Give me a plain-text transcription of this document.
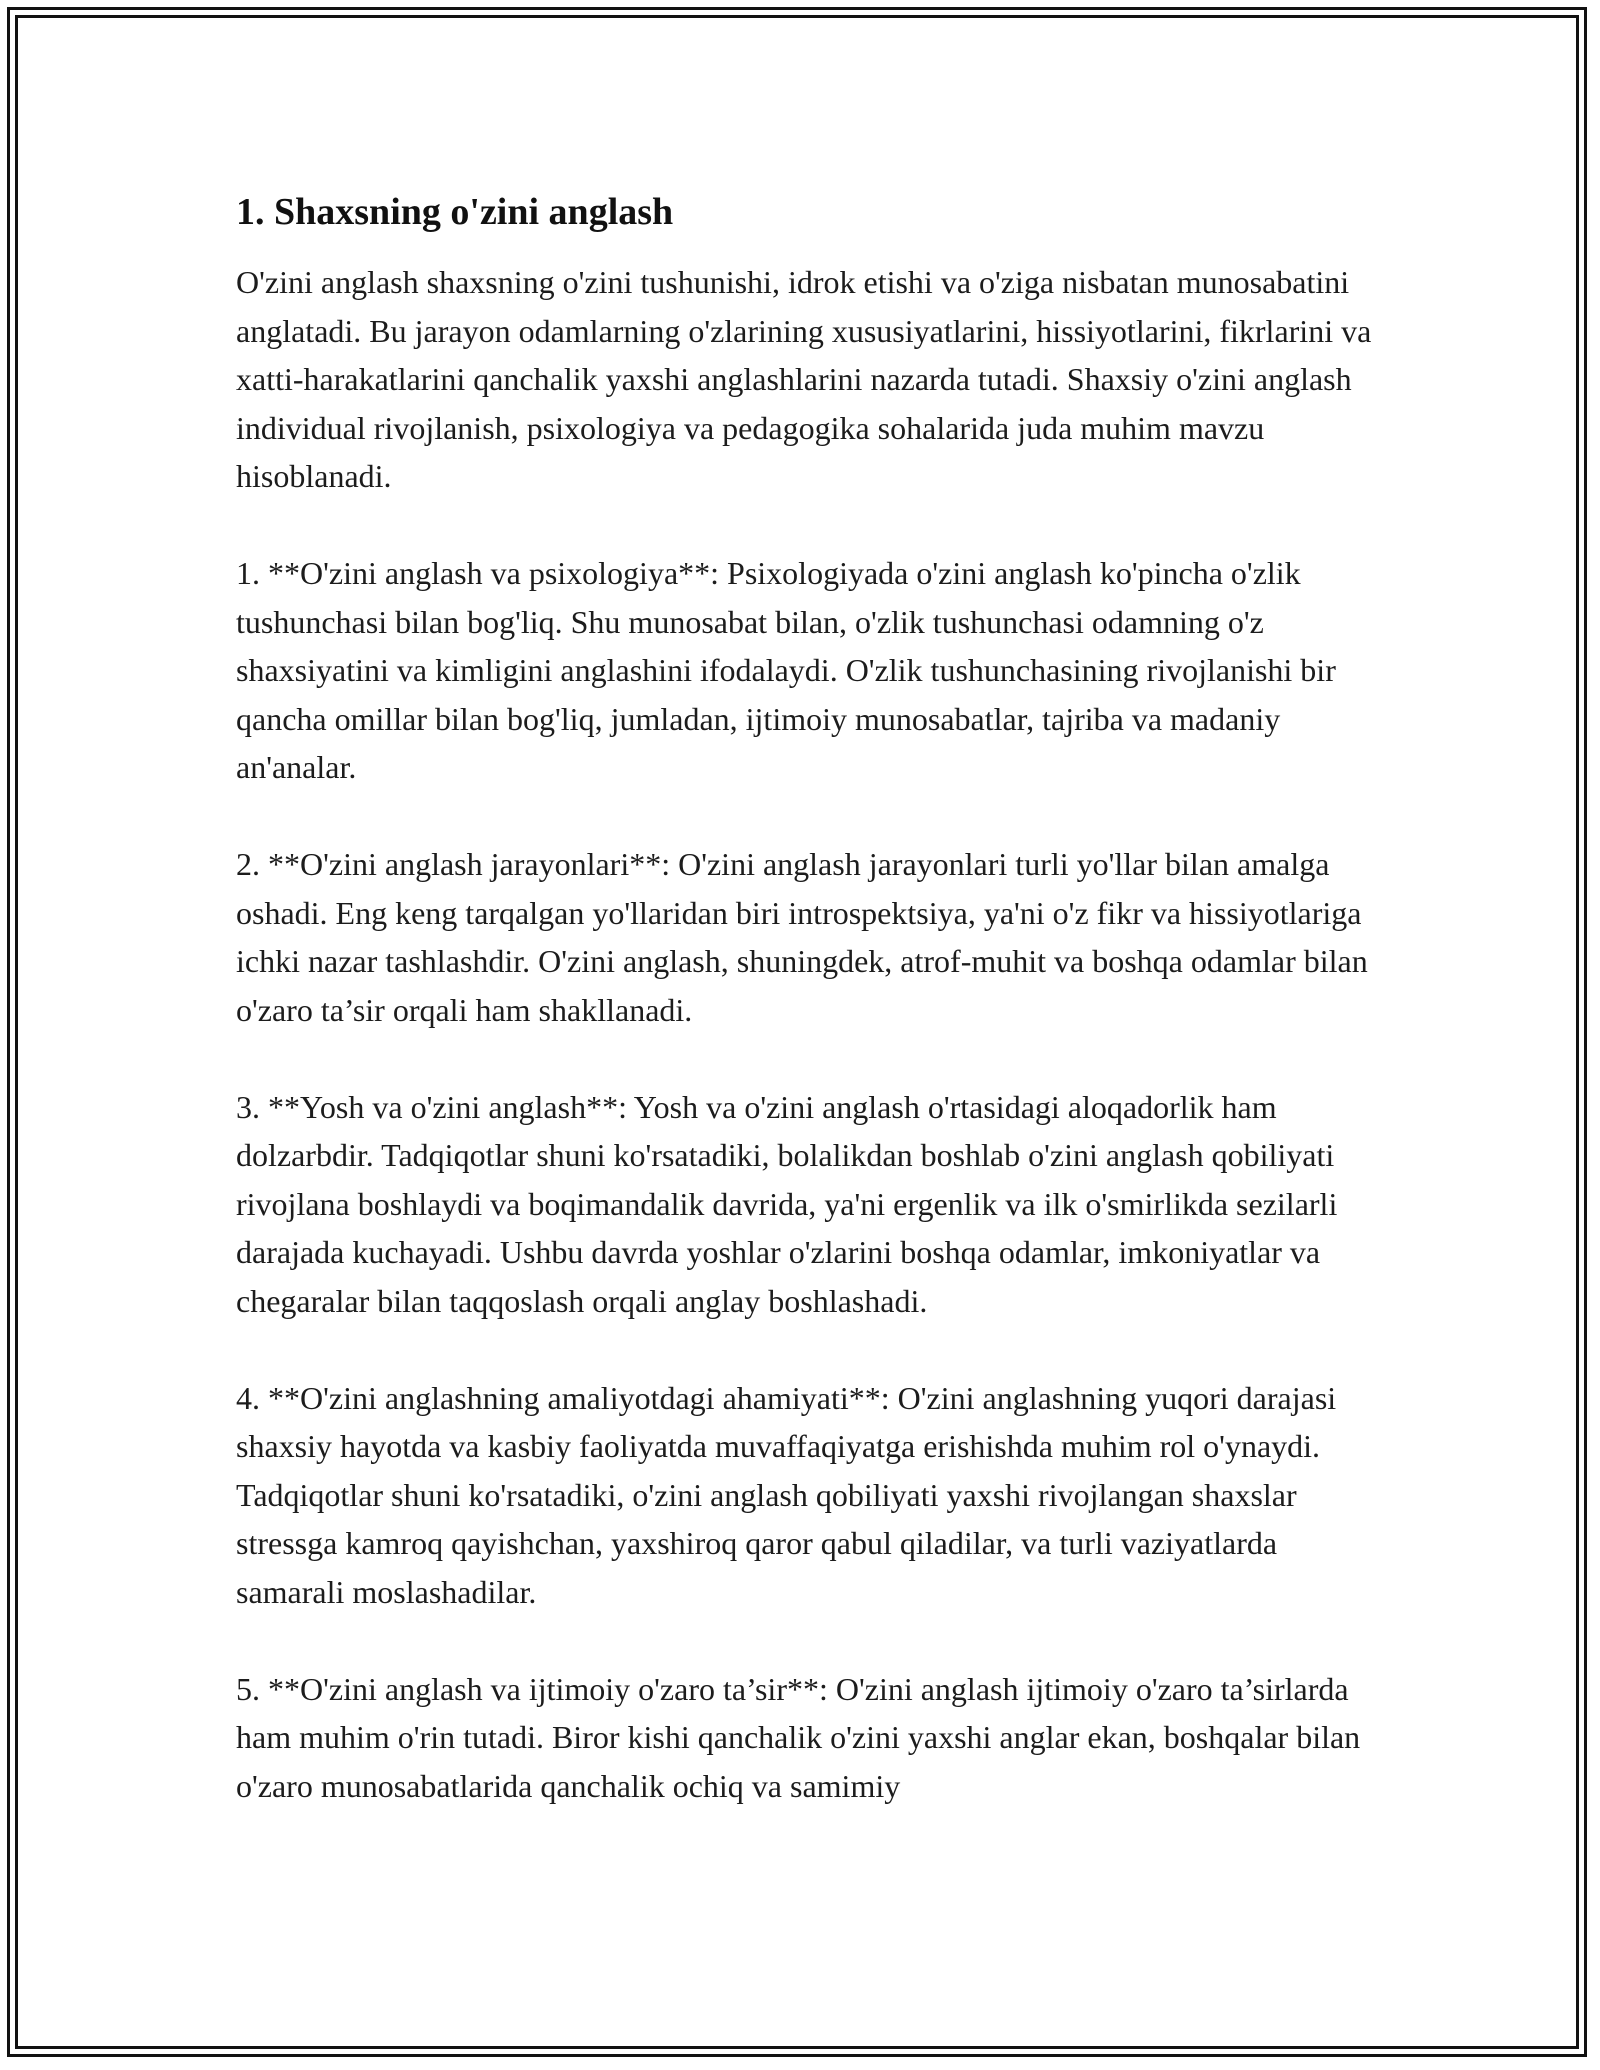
1. Shaxsning o'zini anglash

O'zini anglash shaxsning o'zini tushunishi, idrok etishi va o'ziga nisbatan munosabatini anglatadi. Bu jarayon odamlarning o'zlarining xususiyatlarini, hissiyotlarini, fikrlarini va xatti-harakatlarini qanchalik yaxshi anglashlarini nazarda tutadi. Shaxsiy o'zini anglash individual rivojlanish, psixologiya va pedagogika sohalarida juda muhim mavzu hisoblanadi.

1. **O'zini anglash va psixologiya**: Psixologiyada o'zini anglash ko'pincha o'zlik tushunchasi bilan bog'liq. Shu munosabat bilan, o'zlik tushunchasi odamning o'z shaxsiyatini va kimligini anglashini ifodalaydi. O'zlik tushunchasining rivojlanishi bir qancha omillar bilan bog'liq, jumladan, ijtimoiy munosabatlar, tajriba va madaniy an'analar.

2. **O'zini anglash jarayonlari**: O'zini anglash jarayonlari turli yo'llar bilan amalga oshadi. Eng keng tarqalgan yo'llaridan biri introspektsiya, ya'ni o'z fikr va hissiyotlariga ichki nazar tashlashdir. O'zini anglash, shuningdek, atrof-muhit va boshqa odamlar bilan o'zaro ta’sir orqali ham shakllanadi.

3. **Yosh va o'zini anglash**: Yosh va o'zini anglash o'rtasidagi aloqadorlik ham dolzarbdir. Tadqiqotlar shuni ko'rsatadiki, bolalikdan boshlab o'zini anglash qobiliyati rivojlana boshlaydi va boqimandalik davrida, ya'ni ergenlik va ilk o'smirlikda sezilarli darajada kuchayadi. Ushbu davrda yoshlar o'zlarini boshqa odamlar, imkoniyatlar va chegaralar bilan taqqoslash orqali anglay boshlashadi.

4. **O'zini anglashning amaliyotdagi ahamiyati**: O'zini anglashning yuqori darajasi shaxsiy hayotda va kasbiy faoliyatda muvaffaqiyatga erishishda muhim rol o'ynaydi. Tadqiqotlar shuni ko'rsatadiki, o'zini anglash qobiliyati yaxshi rivojlangan shaxslar stressga kamroq qayishchan, yaxshiroq qaror qabul qiladilar, va turli vaziyatlarda samarali moslashadilar.

5. **O'zini anglash va ijtimoiy o'zaro ta’sir**: O'zini anglash ijtimoiy o'zaro ta’sirlarda ham muhim o'rin tutadi. Biror kishi qanchalik o'zini yaxshi anglar ekan, boshqalar bilan o'zaro munosabatlarida qanchalik ochiq va samimiy
